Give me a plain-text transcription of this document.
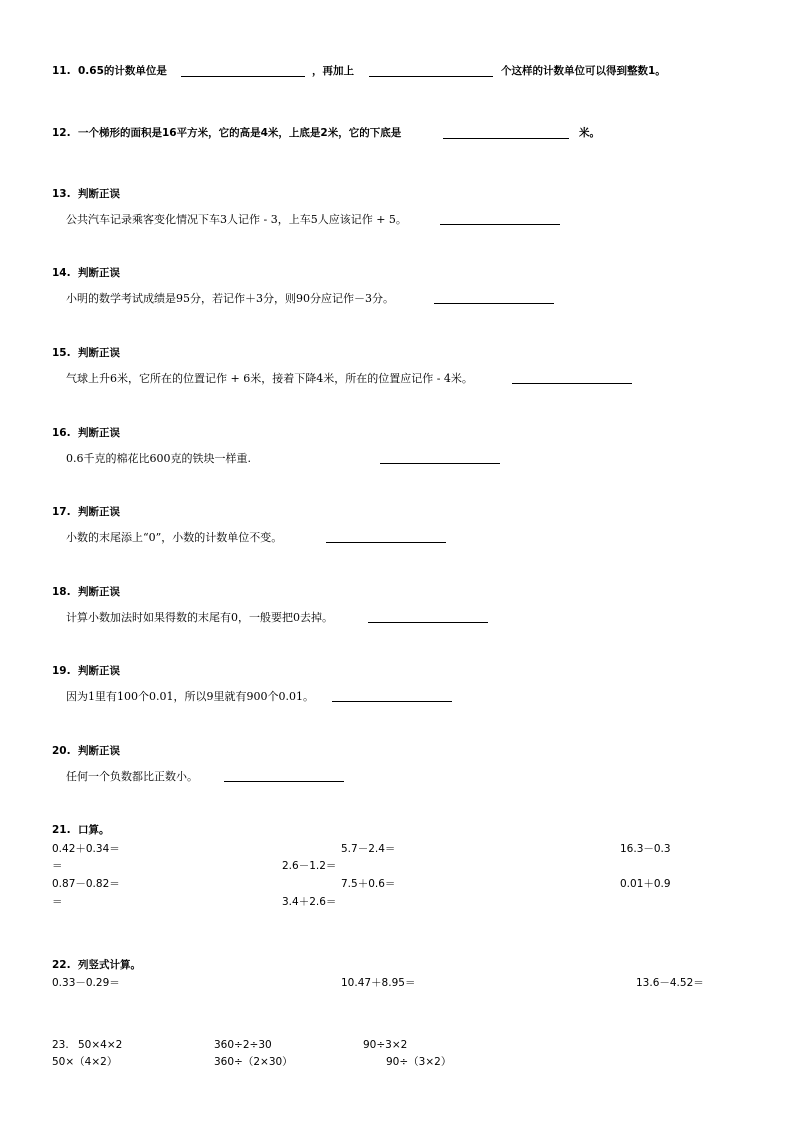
11. 0.65的计数单位是	，再加上	个这样的计数单位可以得到整数1。
12. 一个梯形的面积是16平方米，它的高是4米，上底是2米，它的下底是	米。
13. 判断正误
公共汽车记录乘客变化情况下车3人记作 - 3，上车5人应该记作 + 5。
14. 判断正误
小明的数学考试成绩是95分，若记作＋3分，则90分应记作－3分。
15. 判断正误
气球上升6米，它所在的位置记作 + 6米，接着下降4米，所在的位置应记作 - 4米。
16. 判断正误
0.6千克的棉花比600克的铁块一样重.
17. 判断正误
小数的末尾添上“0”，小数的计数单位不变。
18. 判断正误
计算小数加法时如果得数的末尾有0，一般要把0去掉。
19. 判断正误
因为1里有100个0.01，所以9里就有900个0.01。
20. 判断正误
任何一个负数都比正数小。
21. 口算。
0.42＋0.34＝	5.7－2.4＝	16.3－0.3
＝	2.6－1.2＝
0.87－0.82＝	7.5＋0.6＝	0.01＋0.9
＝	3.4＋2.6＝
22. 列竖式计算。
0.33－0.29＝	10.47＋8.95＝	13.6－4.52＝
23. 50×4×2	360÷2÷30	90÷3×2
50×（4×2）	360÷（2×30）	90÷（3×2）
